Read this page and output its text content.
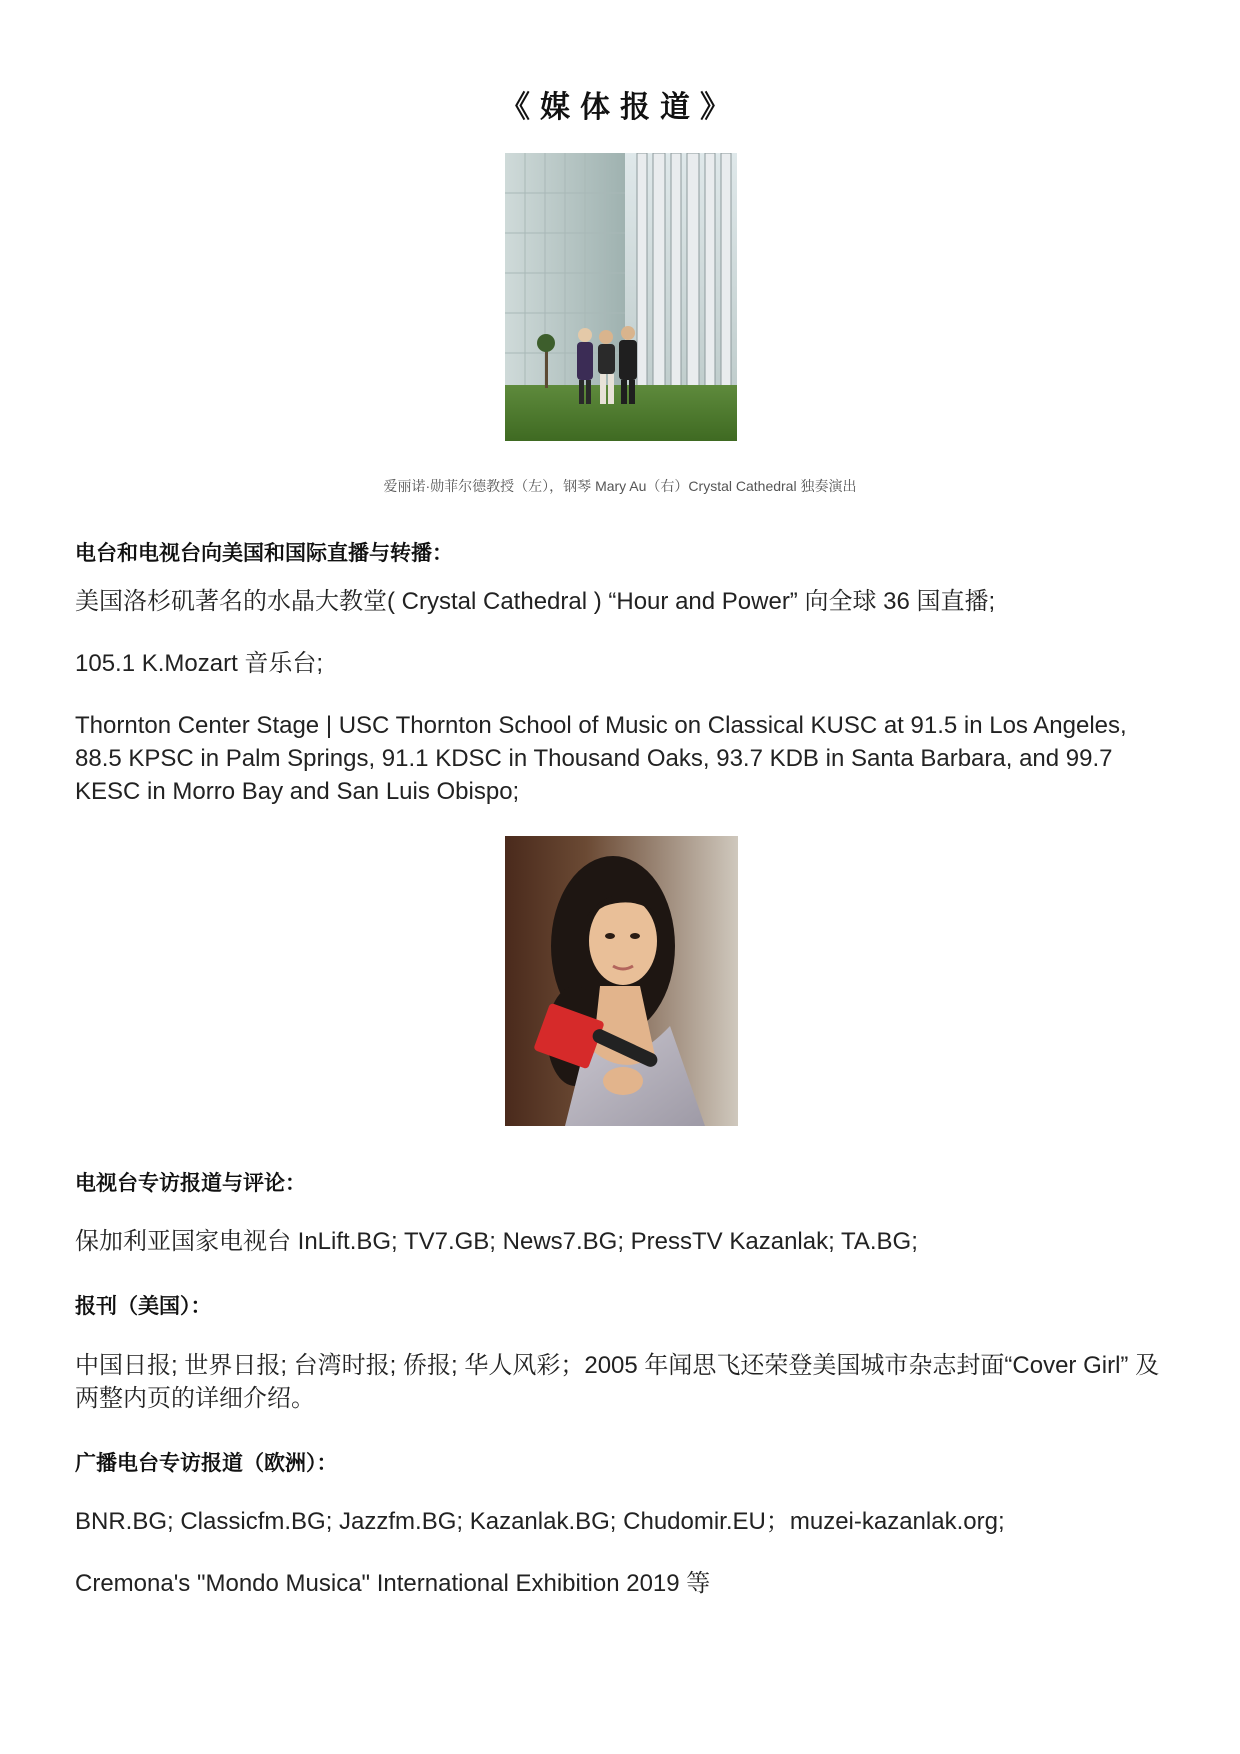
《媒体报道》
爱丽诺·勋菲尔德教授（左），钢琴 Mary Au（右）Crystal Cathedral 独奏演出
电台和电视台向美国和国际直播与转播：
美国洛杉矶著名的水晶大教堂( Crystal Cathedral ) “Hour and Power” 向全球 36 国直播;
105.1 K.Mozart 音乐台;
Thornton Center Stage | USC Thornton School of Music on Classical KUSC at 91.5 in Los Angeles, 88.5 KPSC in Palm Springs, 91.1 KDSC in Thousand Oaks, 93.7 KDB in Santa Barbara, and 99.7 KESC in Morro Bay and San Luis Obispo;
电视台专访报道与评论：
保加利亚国家电视台 InLift.BG; TV7.GB; News7.BG; PressTV Kazanlak; TA.BG;
报刊（美国）：
中国日报; 世界日报; 台湾时报; 侨报; 华人风彩；2005 年闻思飞还荣登美国城市杂志封面“Cover Girl” 及两整内页的详细介绍。
广播电台专访报道（欧洲）：
BNR.BG; Classicfm.BG; Jazzfm.BG; Kazanlak.BG; Chudomir.EU；muzei-kazanlak.org;
Cremona's "Mondo Musica" International Exhibition 2019 等
